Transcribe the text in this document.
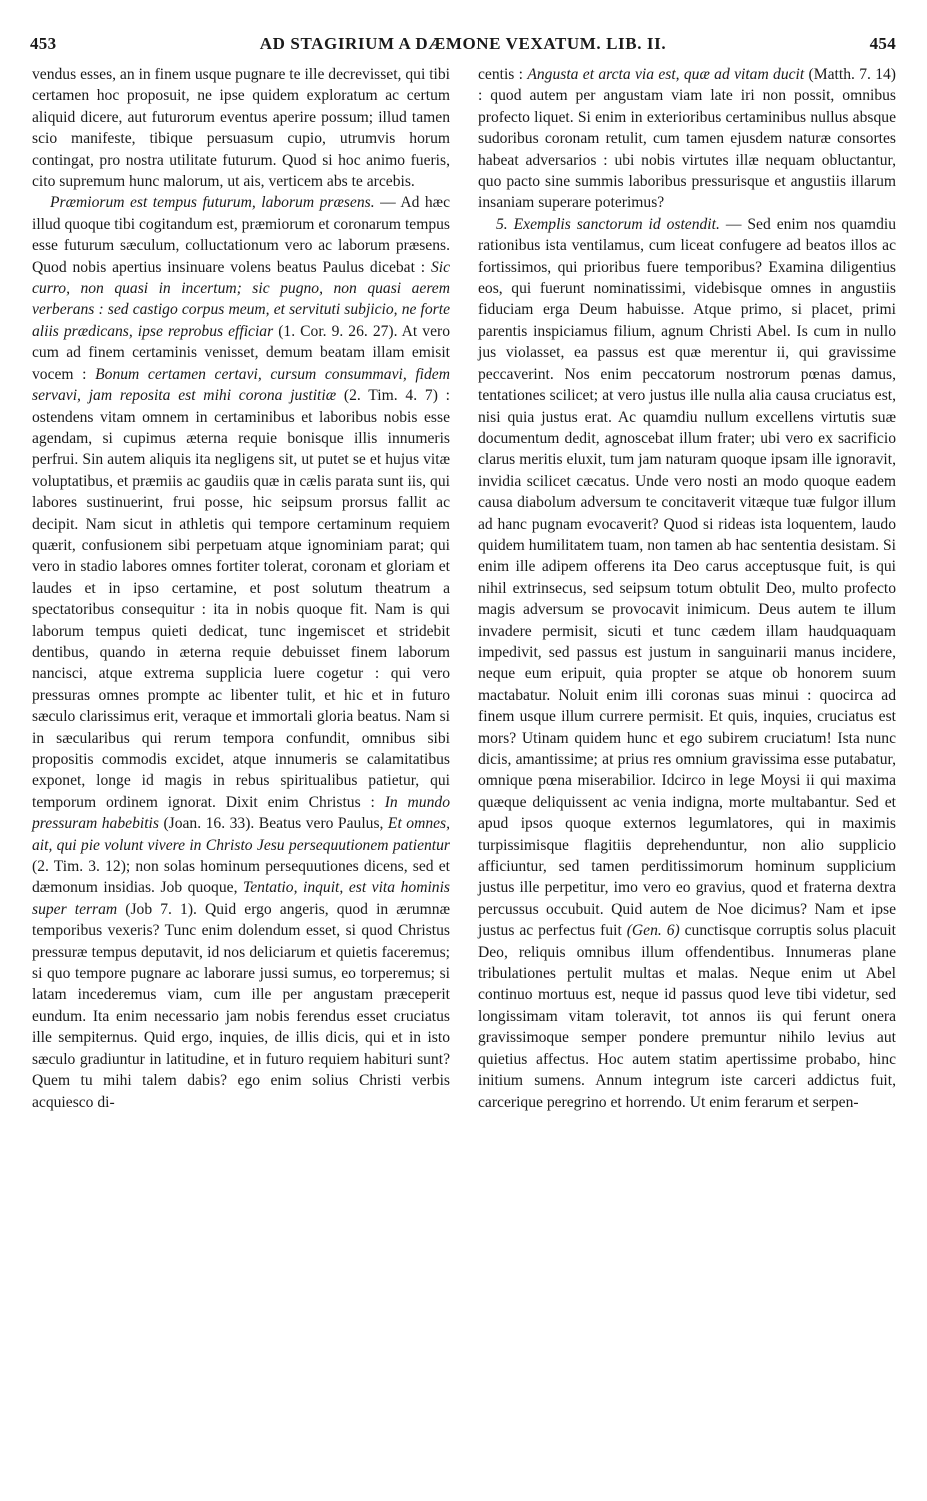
453	AD STAGIRIUM A DÆMONE VEXATUM. LIB. II.	454

vendus esses, an in finem usque pugnare te ille decrevisset, qui tibi certamen hoc proposuit, ne ipse quidem exploratum ac certum aliquid dicere, aut futurorum eventus aperire possum; illud tamen scio manifeste, tibique persuasum cupio, utrumvis horum contingat, pro nostra utilitate futurum. Quod si hoc animo fueris, cito supremum hunc malorum, ut ais, verticem abs te arcebis.

Præmiorum est tempus futurum, laborum præsens. — Ad hæc illud quoque tibi cogitandum est, præmiorum et coronarum tempus esse futurum sæculum, colluctationum vero ac laborum præsens. Quod nobis apertius insinuare volens beatus Paulus dicebat : Sic curro, non quasi in incertum; sic pugno, non quasi aerem verberans : sed castigo corpus meum, et servituti subjicio, ne forte aliis prædicans, ipse reprobus efficiar (1. Cor. 9. 26. 27). At vero cum ad finem certaminis venisset, demum beatam illam emisit vocem : Bonum certamen certavi, cursum consummavi, fidem servavi, jam reposita est mihi corona justitiæ (2. Tim. 4. 7) : ostendens vitam omnem in certaminibus et laboribus nobis esse agendam, si cupimus æterna requie bonisque illis innumeris perfrui. Sin autem aliquis ita negligens sit, ut putet se et hujus vitæ voluptatibus, et præmiis ac gaudiis quæ in cælis parata sunt iis, qui labores sustinuerint, frui posse, hic seipsum prorsus fallit ac decipit. Nam sicut in athletis qui tempore certaminum requiem quærit, confusionem sibi perpetuam atque ignominiam parat; qui vero in stadio labores omnes fortiter tolerat, coronam et gloriam et laudes et in ipso certamine, et post solutum theatrum a spectatoribus consequitur : ita in nobis quoque fit. Nam is qui laborum tempus quieti dedicat, tunc ingemiscet et stridebit dentibus, quando in æterna requie debuisset finem laborum nancisci, atque extrema supplicia luere cogetur : qui vero pressuras omnes prompte ac libenter tulit, et hic et in futuro sæculo clarissimus erit, veraque et immortali gloria beatus. Nam si in sæcularibus qui rerum tempora confundit, omnibus sibi propositis commodis excidet, atque innumeris se calamitatibus exponet, longe id magis in rebus spiritualibus patietur, qui temporum ordinem ignorat. Dixit enim Christus : In mundo pressuram habebitis (Joan. 16. 33). Beatus vero Paulus, Et omnes, ait, qui pie volunt vivere in Christo Jesu persequutionem patientur (2. Tim. 3. 12); non solas hominum persequutiones dicens, sed et dæmonum insidias. Job quoque, Tentatio, inquit, est vita hominis super terram (Job 7. 1). Quid ergo angeris, quod in ærumnæ temporibus vexeris? Tunc enim dolendum esset, si quod Christus pressuræ tempus deputavit, id nos deliciarum et quietis faceremus; si quo tempore pugnare ac laborare jussi sumus, eo torperemus; si latam incederemus viam, cum ille per angustam præceperit eundum. Ita enim necessario jam nobis ferendus esset cruciatus ille sempiternus. Quid ergo, inquies, de illis dicis, qui et in isto sæculo gradiuntur in latitudine, et in futuro requiem habituri sunt? Quem tu mihi talem dabis? ego enim solius Christi verbis acquiesco di-

centis : Angusta et arcta via est, quæ ad vitam ducit (Matth. 7. 14) : quod autem per angustam viam late iri non possit, omnibus profecto liquet. Si enim in exterioribus certaminibus nullus absque sudoribus coronam retulit, cum tamen ejusdem naturæ consortes habeat adversarios : ubi nobis virtutes illæ nequam obluctantur, quo pacto sine summis laboribus pressurisque et angustiis illarum insaniam superare poterimus?

5. Exemplis sanctorum id ostendit. — Sed enim nos quamdiu rationibus ista ventilamus, cum liceat confugere ad beatos illos ac fortissimos, qui prioribus fuere temporibus? Examina diligentius eos, qui fuerunt nominatissimi, videbisque omnes in angustiis fiduciam erga Deum habuisse. Atque primo, si placet, primi parentis inspiciamus filium, agnum Christi Abel. Is cum in nullo jus violasset, ea passus est quæ merentur ii, qui gravissime peccaverint. Nos enim peccatorum nostrorum pœnas damus, tentationes scilicet; at vero justus ille nulla alia causa cruciatus est, nisi quia justus erat. Ac quamdiu nullum excellens virtutis suæ documentum dedit, agnoscebat illum frater; ubi vero ex sacrificio clarus meritis eluxit, tum jam naturam quoque ipsam ille ignoravit, invidia scilicet cæcatus. Unde vero nosti an modo quoque eadem causa diabolum adversum te concitaverit vitæque tuæ fulgor illum ad hanc pugnam evocaverit? Quod si rideas ista loquentem, laudo quidem humilitatem tuam, non tamen ab hac sententia desistam. Si enim ille adipem offerens ita Deo carus acceptusque fuit, is qui nihil extrinsecus, sed seipsum totum obtulit Deo, multo profecto magis adversum se provocavit inimicum. Deus autem te illum invadere permisit, sicuti et tunc cædem illam haudquaquam impedivit, sed passus est justum in sanguinarii manus incidere, neque eum eripuit, quia propter se atque ob honorem suum mactabatur. Noluit enim illi coronas suas minui : quocirca ad finem usque illum currere permisit. Et quis, inquies, cruciatus est mors? Utinam quidem hunc et ego subirem cruciatum! Ista nunc dicis, amantissime; at prius res omnium gravissima esse putabatur, omnique pœna miserabilior. Idcirco in lege Moysi ii qui maxima quæque deliquissent ac venia indigna, morte multabantur. Sed et apud ipsos quoque externos legumlatores, qui in maximis turpissimisque flagitiis deprehenduntur, non alio supplicio afficiuntur, sed tamen perditissimorum hominum supplicium justus ille perpetitur, imo vero eo gravius, quod et fraterna dextra percussus occubuit. Quid autem de Noe dicimus? Nam et ipse justus ac perfectus fuit (Gen. 6) cunctisque corruptis solus placuit Deo, reliquis omnibus illum offendentibus. Innumeras plane tribulationes pertulit multas et malas. Neque enim ut Abel continuo mortuus est, neque id passus quod leve tibi videtur, sed longissimam vitam toleravit, tot annos iis qui ferunt onera gravissimoque semper pondere premuntur nihilo levius aut quietius affectus. Hoc autem statim apertissime probabo, hinc initium sumens. Annum integrum iste carceri addictus fuit, carcerique peregrino et horrendo. Ut enim ferarum et serpen-
